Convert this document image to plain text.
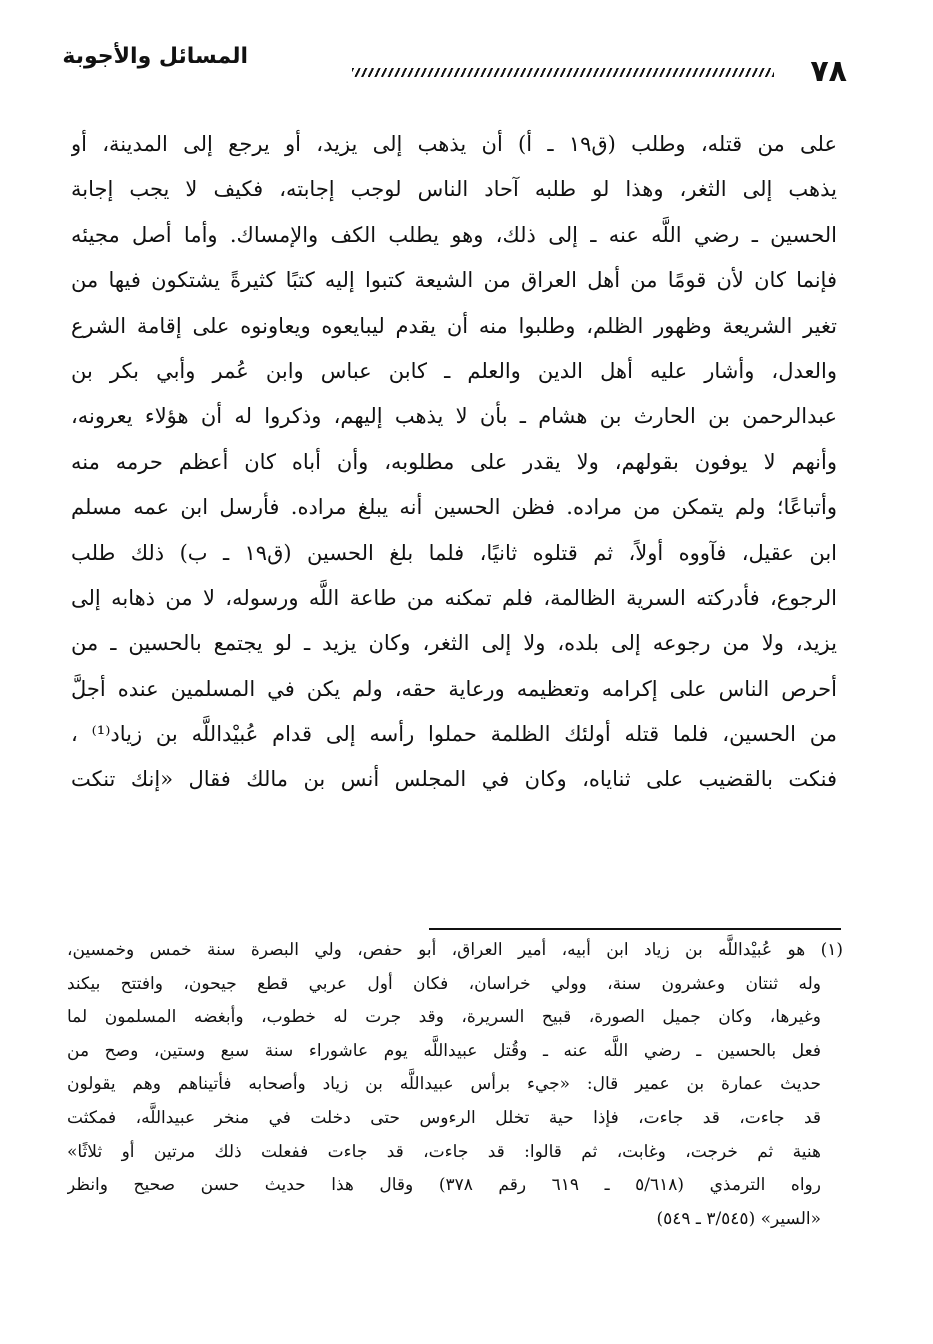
٧٨
المسائل والأجوبة
على من قتله، وطلب (ق١٩ ـ أ) أن يذهب إلى يزيد، أو يرجع إلى المدينة، أو
يذهب إلى الثغر، وهذا لو طلبه آحاد الناس لوجب إجابته، فكيف لا يجب إجابة
الحسين ـ رضي اللَّه عنه ـ إلى ذلك، وهو يطلب الكف والإمساك. وأما أصل مجيئه
فإنما كان لأن قومًا من أهل العراق من الشيعة كتبوا إليه كتبًا كثيرةً يشتكون فيها من
تغير الشريعة وظهور الظلم، وطلبوا منه أن يقدم ليبايعوه ويعاونوه على إقامة الشرع
والعدل، وأشار عليه أهل الدين والعلم ـ كابن عباس وابن عُمر وأبي بكر بن
عبدالرحمن بن الحارث بن هشام ـ بأن لا يذهب إليهم، وذكروا له أن هؤلاء يعرونه،
وأنهم لا يوفون بقولهم، ولا يقدر على مطلوبه، وأن أباه كان أعظم حرمه منه
وأتباعًا؛ ولم يتمكن من مراده. فظن الحسين أنه يبلغ مراده. فأرسل ابن عمه مسلم
ابن عقيل، فآووه أولاً، ثم قتلوه ثانيًا، فلما بلغ الحسين (ق١٩ ـ ب) ذلك طلب
الرجوع، فأدركته السرية الظالمة، فلم تمكنه من طاعة اللَّه ورسوله، لا من ذهابه إلى
يزيد، ولا من رجوعه إلى بلده، ولا إلى الثغر، وكان يزيد ـ لو يجتمع بالحسين ـ من
أحرص الناس على إكرامه وتعظيمه ورعاية حقه، ولم يكن في المسلمين عنده أجلَّ
من الحسين، فلما قتله أولئك الظلمة حملوا رأسه إلى قدام عُبيْداللَّه بن زياد⁽¹⁾ ،
فنكت بالقضيب على ثناياه، وكان في المجلس أنس بن مالك فقال «إنك تنكت
(١) هو عُبيْداللَّه بن زياد ابن أبيه، أمير العراق، أبو حفص، ولي البصرة سنة خمس وخمسين،
وله ثنتان وعشرون سنة، وولي خراسان، فكان أول عربي قطع جيحون، وافتتح بيكند
وغيرها، وكان جميل الصورة، قبيح السريرة، وقد جرت له خطوب، وأبغضه المسلمون لما
فعل بالحسين ـ رضي اللَّه عنه ـ وقُتل عبيداللَّه يوم عاشوراء سنة سبع وستين، وصح من
حديث عمارة بن عمير قال: «جيء برأس عبيداللَّه بن زياد وأصحابه فأتيناهم وهم يقولون
قد جاءت، قد جاءت، فإذا حية تخلل الرءوس حتى دخلت في منخر عبيداللَّه، فمكثت
هنية ثم خرجت، وغابت، ثم قالوا: قد جاءت، قد جاءت ففعلت ذلك مرتين أو ثلاثًا»
رواه الترمذي (٥/٦١٨ ـ ٦١٩ رقم ٣٧٨) وقال هذا حديث حسن صحيح وانظر
«السير» (٣/٥٤٥ ـ ٥٤٩)
